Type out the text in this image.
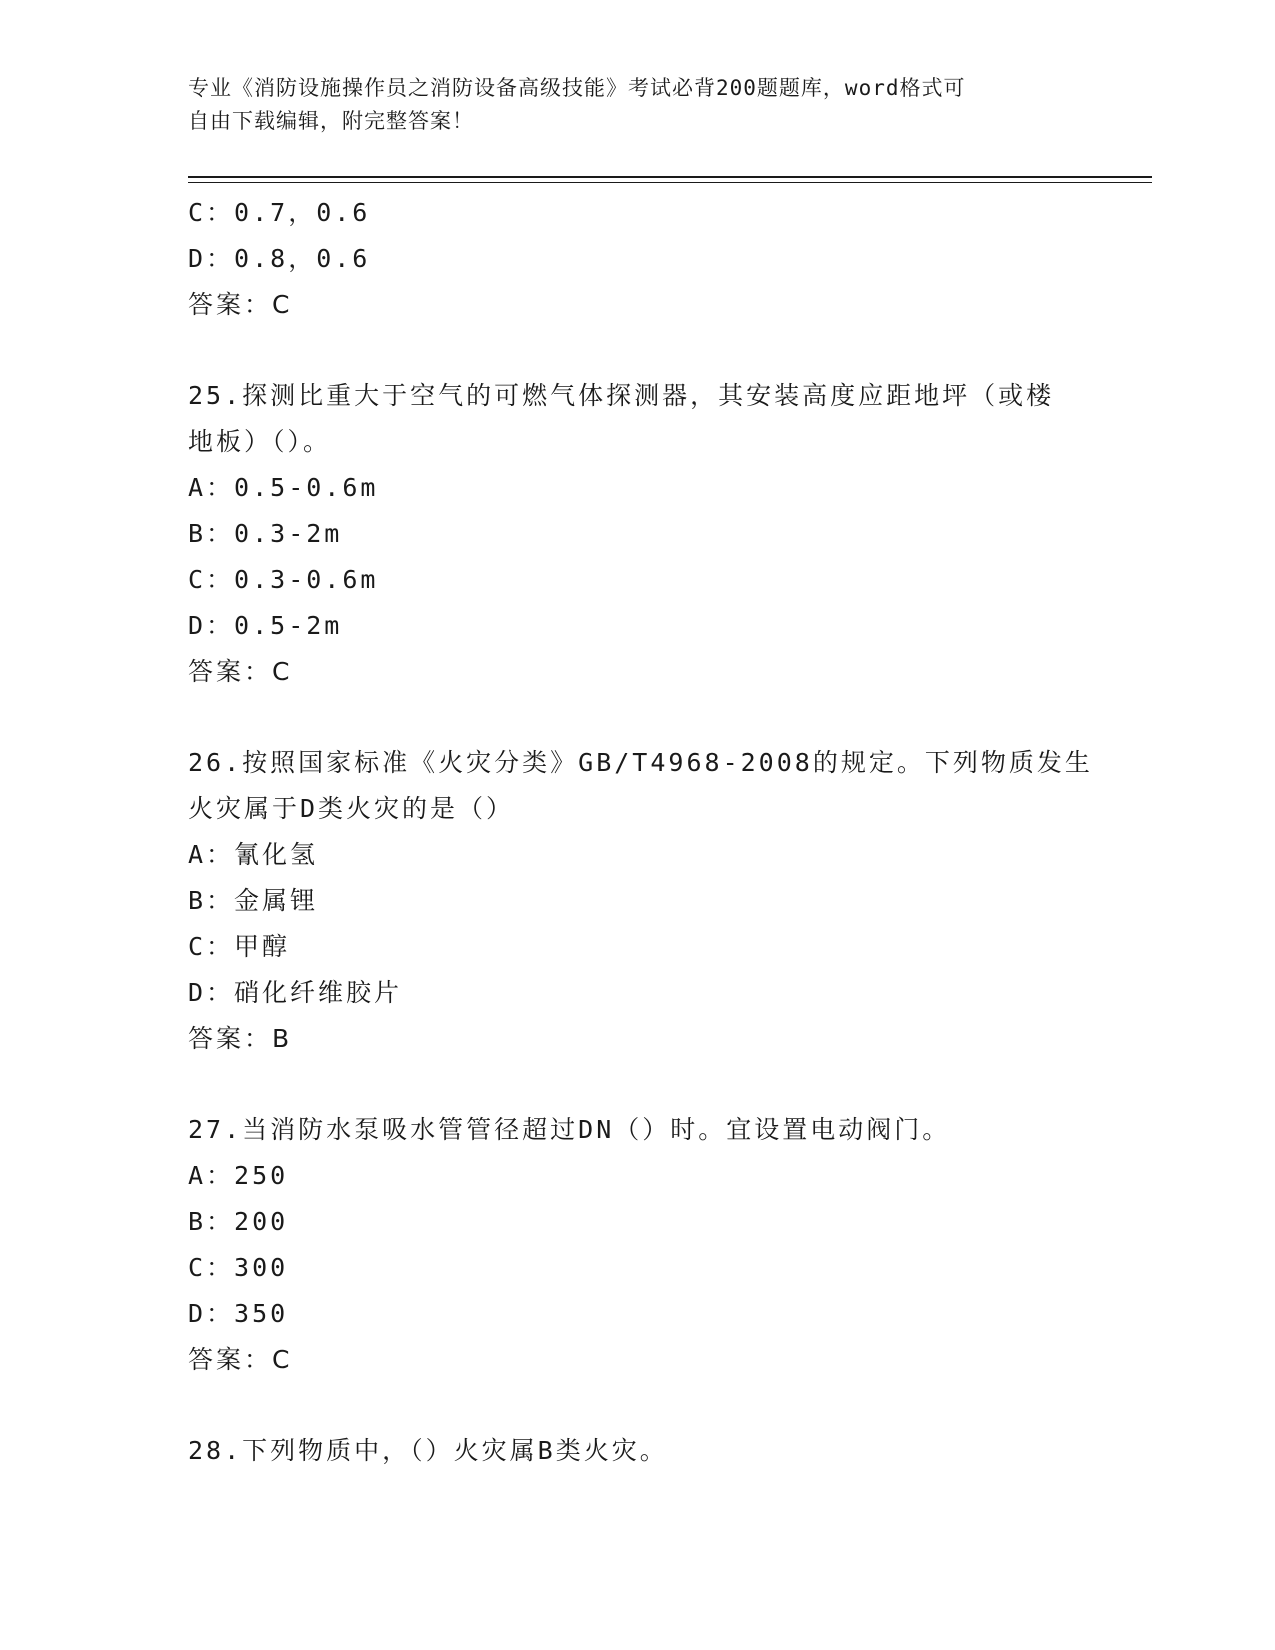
专业《消防设施操作员之消防设备高级技能》考试必背200题题库，word格式可
自由下载编辑，附完整答案！
C：0.7，0.6
D：0.8，0.6
答案：C
25.探测比重大于空气的可燃气体探测器，其安装高度应距地坪（或楼
地板）（）。
A：0.5-0.6m
B：0.3-2m
C：0.3-0.6m
D：0.5-2m
答案：C
26.按照国家标准《火灾分类》GB/T4968-2008的规定。下列物质发生
火灾属于D类火灾的是（）
A：氰化氢
B：金属锂
C：甲醇
D：硝化纤维胶片
答案：B
27.当消防水泵吸水管管径超过DN（）时。宜设置电动阀门。
A：250
B：200
C：300
D：350
答案：C
28.下列物质中，（）火灾属B类火灾。
